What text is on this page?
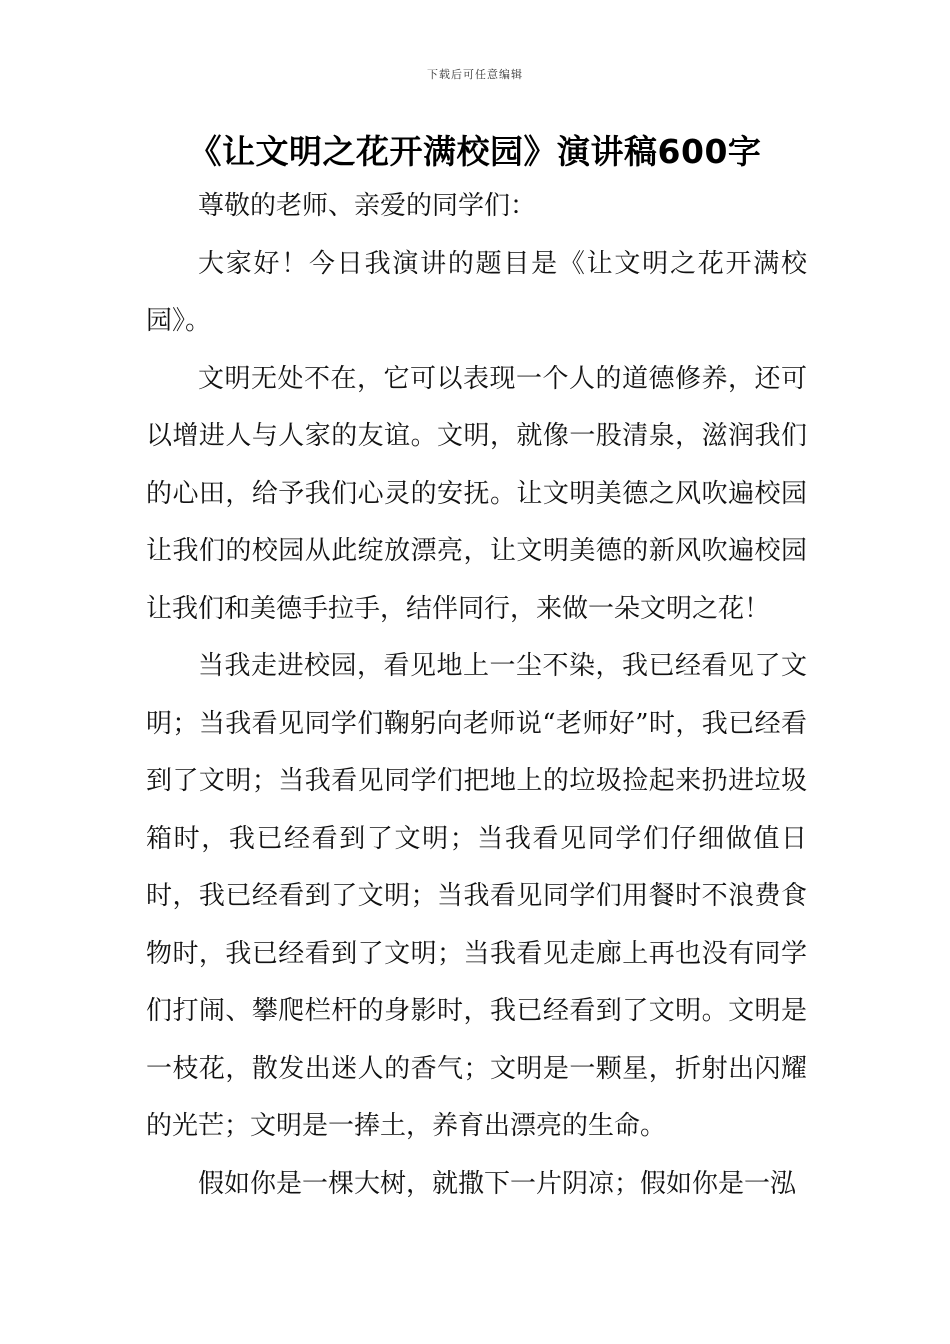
下载后可任意编辑
《让文明之花开满校园》演讲稿600字

尊敬的老师、亲爱的同学们：

大家好！今日我演讲的题目是《让文明之花开满校园》。

文明无处不在，它可以表现一个人的道德修养，还可以增进人与人家的友谊。文明，就像一股清泉，滋润我们的心田，给予我们心灵的安抚。让文明美德之风吹遍校园让我们的校园从此绽放漂亮，让文明美德的新风吹遍校园让我们和美德手拉手，结伴同行，来做一朵文明之花！

当我走进校园，看见地上一尘不染，我已经看见了文明；当我看见同学们鞠躬向老师说“老师好”时，我已经看到了文明；当我看见同学们把地上的垃圾捡起来扔进垃圾箱时，我已经看到了文明；当我看见同学们仔细做值日时，我已经看到了文明；当我看见同学们用餐时不浪费食物时，我已经看到了文明；当我看见走廊上再也没有同学们打闹、攀爬栏杆的身影时，我已经看到了文明。文明是一枝花，散发出迷人的香气；文明是一颗星，折射出闪耀的光芒；文明是一捧土，养育出漂亮的生命。

假如你是一棵大树，就撒下一片阴凉；假如你是一泓
